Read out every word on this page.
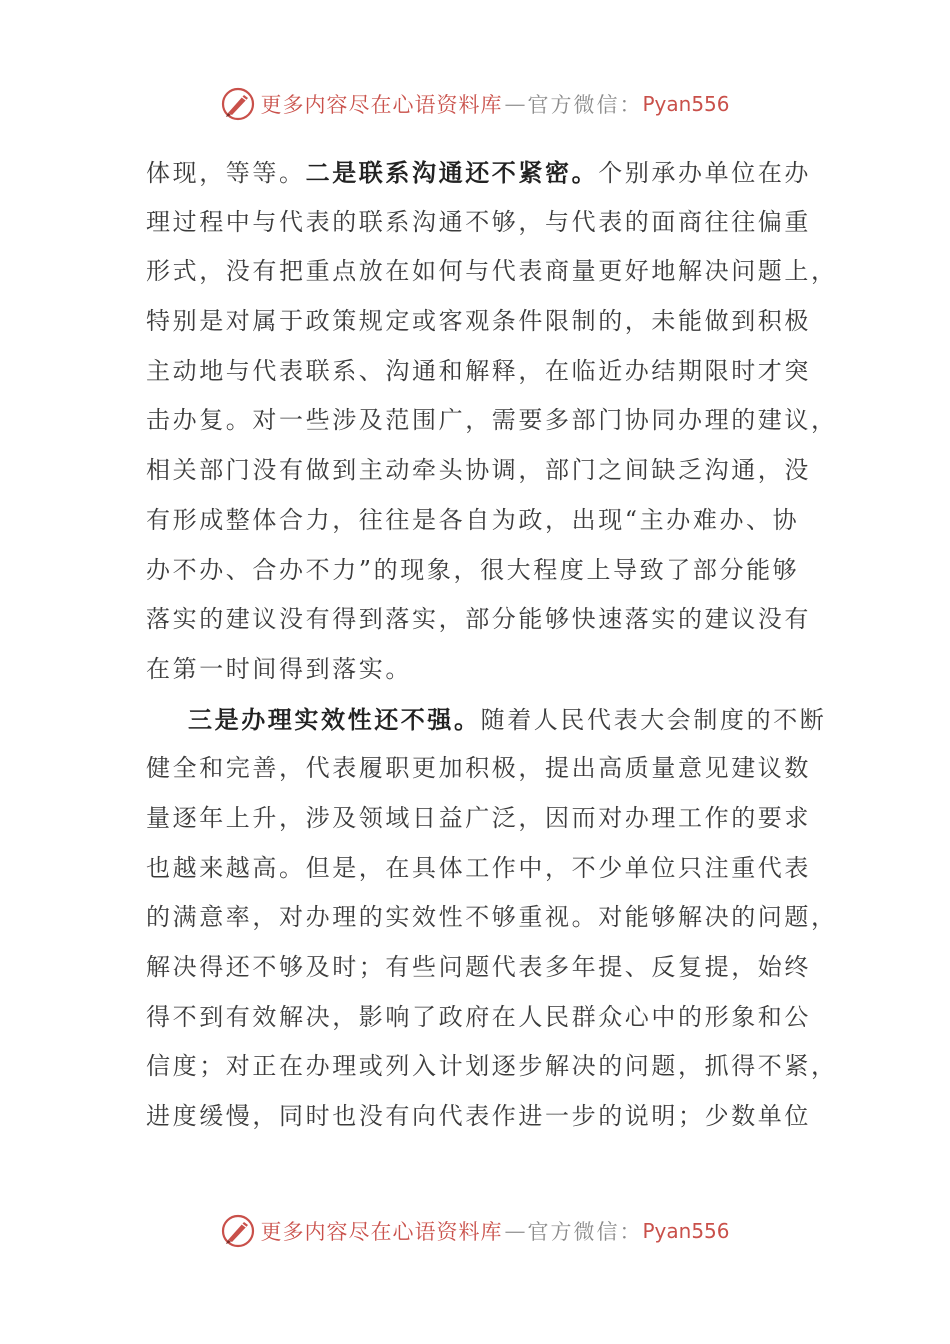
更多内容尽在心语资料库 — 官方微信： Pyan556
体现，等等。二是联系沟通还不紧密。个别承办单位在办
理过程中与代表的联系沟通不够，与代表的面商往往偏重
形式，没有把重点放在如何与代表商量更好地解决问题上，
特别是对属于政策规定或客观条件限制的，未能做到积极
主动地与代表联系、沟通和解释，在临近办结期限时才突
击办复。对一些涉及范围广，需要多部门协同办理的建议，
相关部门没有做到主动牵头协调，部门之间缺乏沟通，没
有形成整体合力，往往是各自为政，出现“主办难办、协
办不办、合办不力”的现象，很大程度上导致了部分能够
落实的建议没有得到落实，部分能够快速落实的建议没有
在第一时间得到落实。
三是办理实效性还不强。随着人民代表大会制度的不断
健全和完善，代表履职更加积极，提出高质量意见建议数
量逐年上升，涉及领域日益广泛，因而对办理工作的要求
也越来越高。但是，在具体工作中，不少单位只注重代表
的满意率，对办理的实效性不够重视。对能够解决的问题，
解决得还不够及时；有些问题代表多年提、反复提，始终
得不到有效解决，影响了政府在人民群众心中的形象和公
信度；对正在办理或列入计划逐步解决的问题，抓得不紧，
进度缓慢，同时也没有向代表作进一步的说明；少数单位
更多内容尽在心语资料库 — 官方微信： Pyan556
